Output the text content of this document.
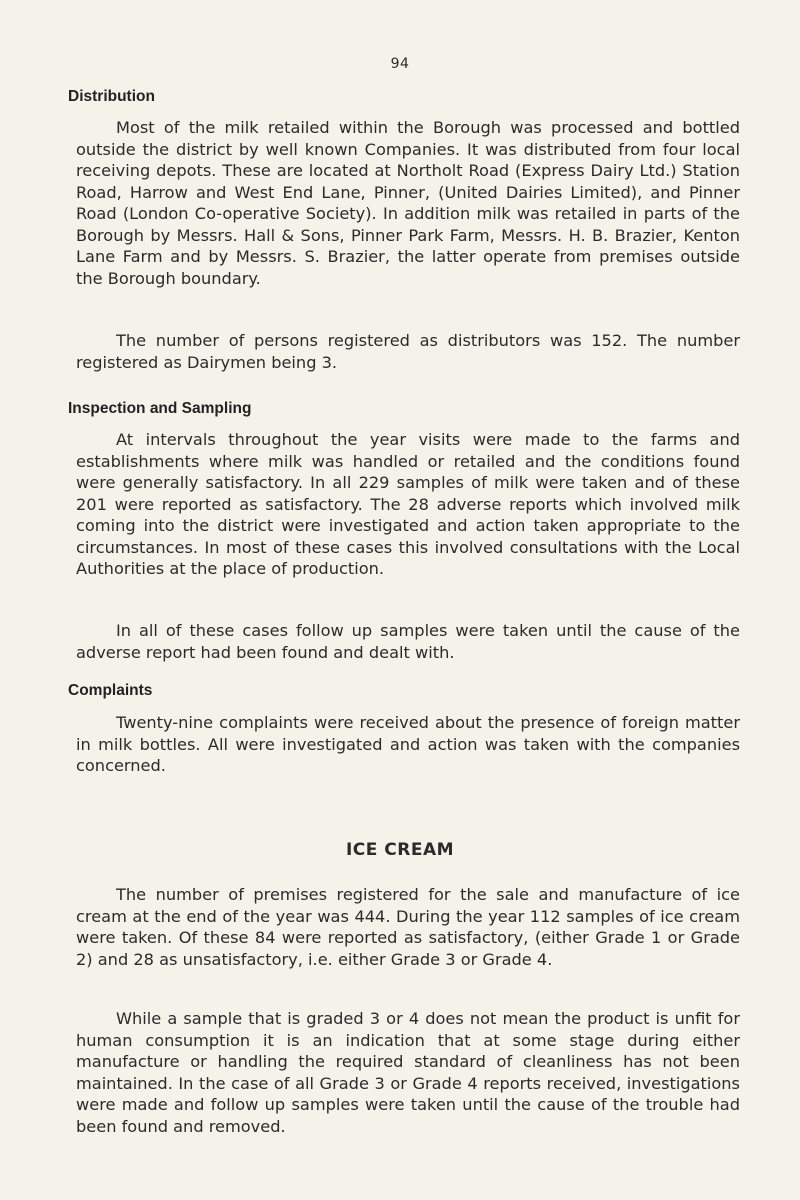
94
Distribution

Most of the milk retailed within the Borough was processed and bottled outside the district by well known Companies. It was distributed from four local receiving depots. These are located at Northolt Road (Express Dairy Ltd.) Station Road, Harrow and West End Lane, Pinner, (United Dairies Limited), and Pinner Road (London Co-operative Society). In addition milk was retailed in parts of the Borough by Messrs. Hall & Sons, Pinner Park Farm, Messrs. H. B. Brazier, Kenton Lane Farm and by Messrs. S. Brazier, the latter operate from premises outside the Borough boundary.

The number of persons registered as distributors was 152. The number registered as Dairymen being 3.

Inspection and Sampling

At intervals throughout the year visits were made to the farms and establishments where milk was handled or retailed and the conditions found were generally satisfactory. In all 229 samples of milk were taken and of these 201 were reported as satisfactory. The 28 adverse reports which involved milk coming into the district were investigated and action taken appropriate to the circumstances. In most of these cases this involved consultations with the Local Authorities at the place of production.

In all of these cases follow up samples were taken until the cause of the adverse report had been found and dealt with.

Complaints

Twenty-nine complaints were received about the presence of foreign matter in milk bottles. All were investigated and action was taken with the companies concerned.

ICE CREAM

The number of premises registered for the sale and manufacture of ice cream at the end of the year was 444. During the year 112 samples of ice cream were taken. Of these 84 were reported as satisfactory, (either Grade 1 or Grade 2) and 28 as unsatisfactory, i.e. either Grade 3 or Grade 4.

While a sample that is graded 3 or 4 does not mean the product is unfit for human consumption it is an indication that at some stage during either manufacture or handling the required standard of cleanliness has not been maintained. In the case of all Grade 3 or Grade 4 reports received, investigations were made and follow up samples were taken until the cause of the trouble had been found and removed.
